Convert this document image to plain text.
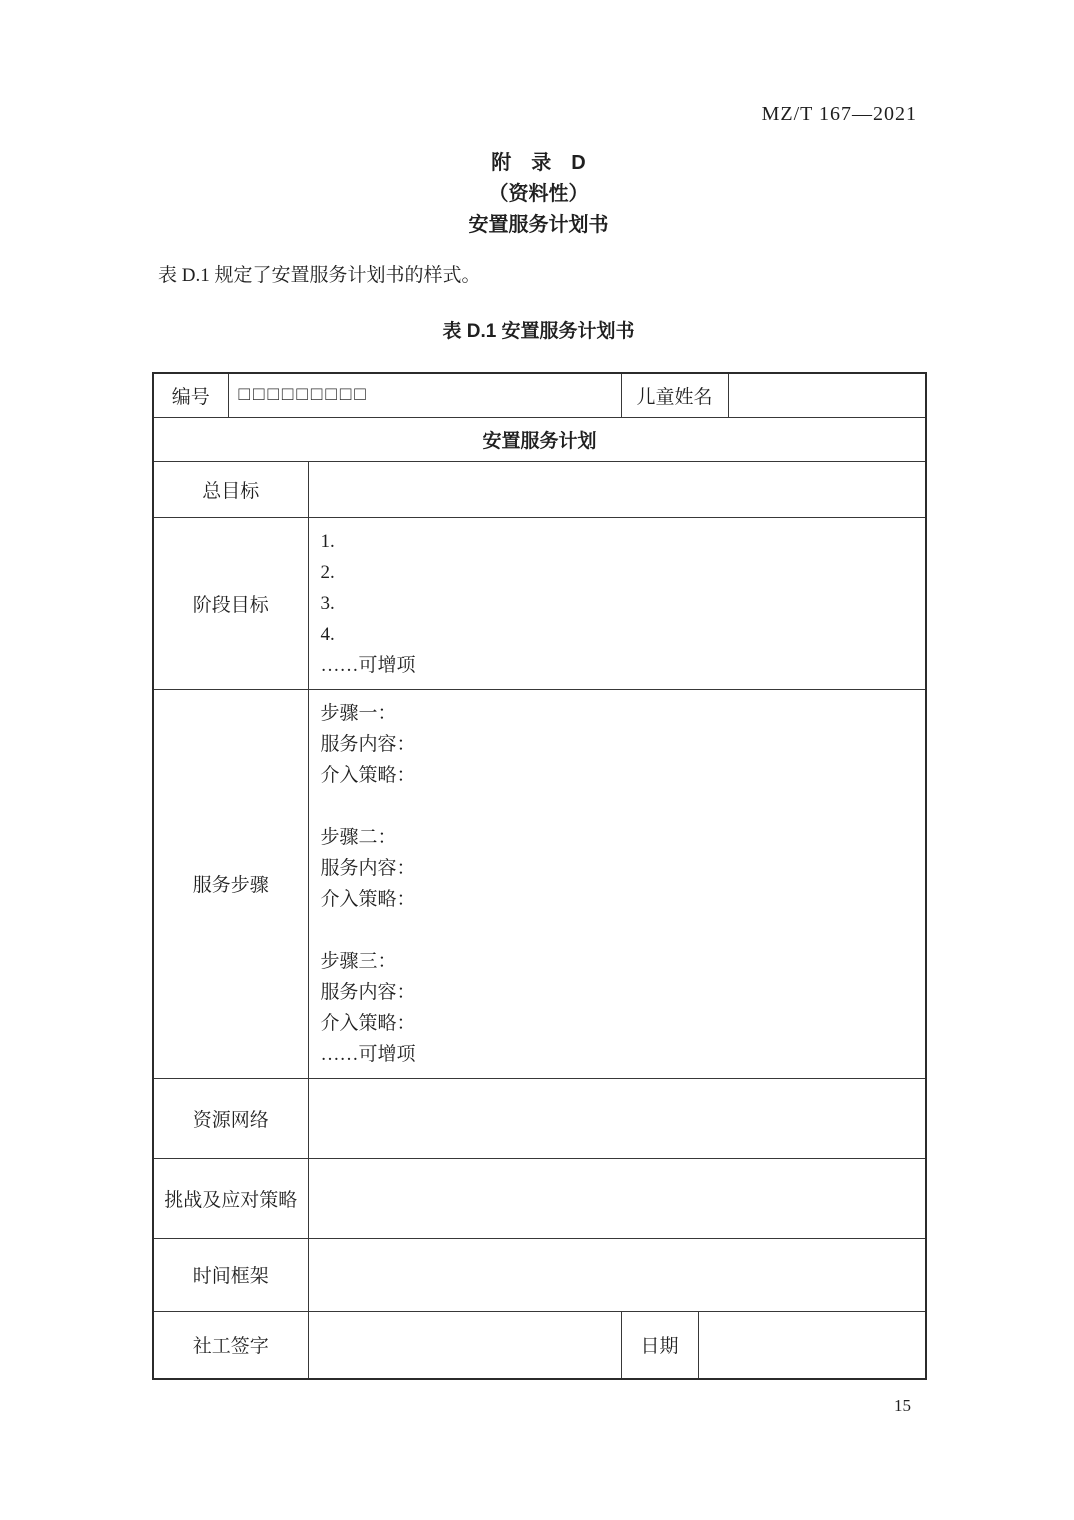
MZ/T 167—2021
附　录　D
（资料性）
安置服务计划书

表 D.1 规定了安置服务计划书的样式。

表 D.1 安置服务计划书
编号	□□□□□□□□□		儿童姓名		
安置服务计划					
总目标					
阶段目标		1.
2.
3.
4.
……可增项			

服务步骤	
步骤一：
服务内容：
介入策略：
步骤二：
服务内容：
介入策略：
步骤三：
服务内容：
介入策略：
……可增项

资源网络					
挑战及应对策略					
时间框架					
社工签字			日期		
15
